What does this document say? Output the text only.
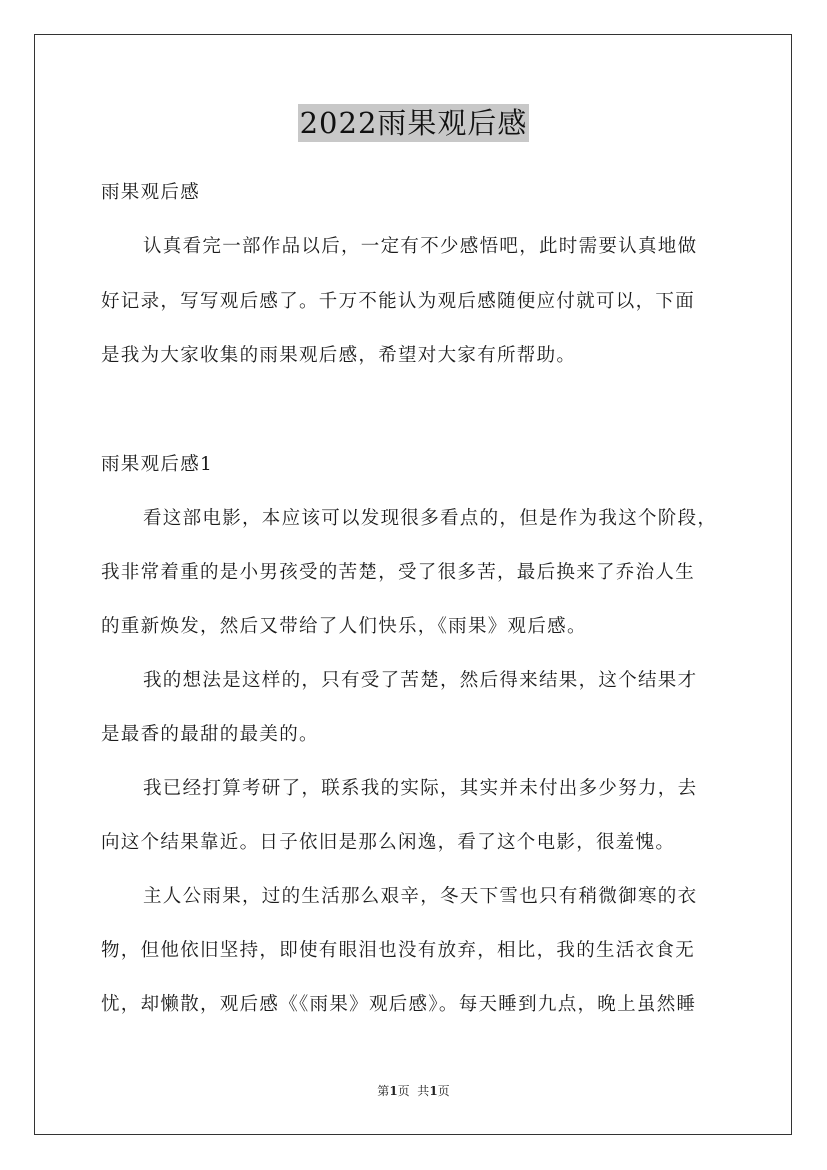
2022雨果观后感
雨果观后感
认真看完一部作品以后，一定有不少感悟吧，此时需要认真地做
好记录，写写观后感了。千万不能认为观后感随便应付就可以，下面
是我为大家收集的雨果观后感，希望对大家有所帮助。
雨果观后感1
看这部电影，本应该可以发现很多看点的，但是作为我这个阶段，
我非常着重的是小男孩受的苦楚，受了很多苦，最后换来了乔治人生
的重新焕发，然后又带给了人们快乐，《雨果》观后感。
我的想法是这样的，只有受了苦楚，然后得来结果，这个结果才
是最香的最甜的最美的。
我已经打算考研了，联系我的实际，其实并未付出多少努力，去
向这个结果靠近。日子依旧是那么闲逸，看了这个电影，很羞愧。
主人公雨果，过的生活那么艰辛，冬天下雪也只有稍微御寒的衣
物，但他依旧坚持，即使有眼泪也没有放弃，相比，我的生活衣食无
忧，却懒散，观后感《《雨果》观后感》。每天睡到九点，晚上虽然睡
第1页  共1页
